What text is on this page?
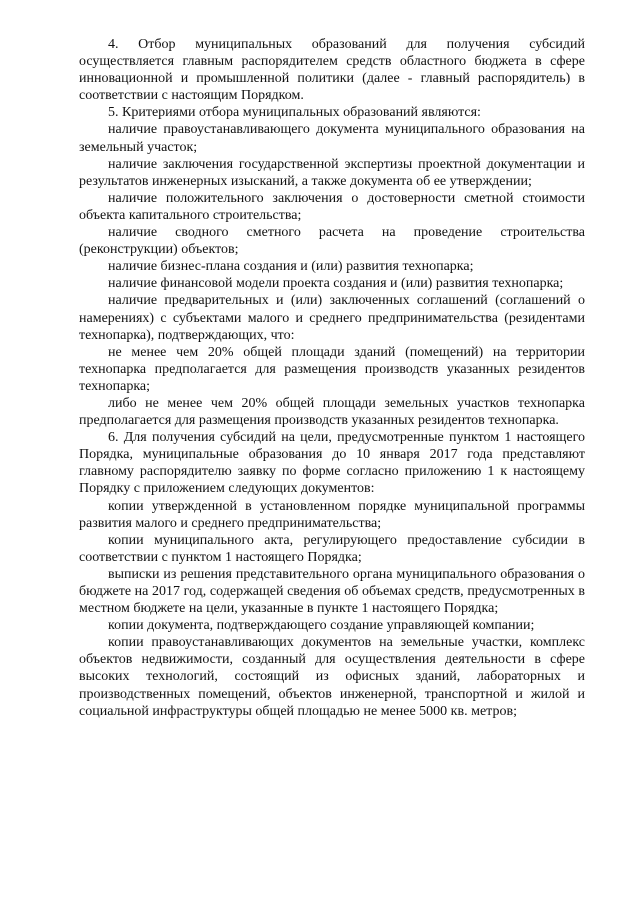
4. Отбор муниципальных образований для получения субсидий осуществляется главным распорядителем средств областного бюджета в сфере инновационной и промышленной политики (далее - главный распорядитель) в соответствии с настоящим Порядком.

5. Критериями отбора муниципальных образований являются:

наличие правоустанавливающего документа муниципального образования на земельный участок;

наличие заключения государственной экспертизы проектной документации и результатов инженерных изысканий, а также документа об ее утверждении;

наличие положительного заключения о достоверности сметной стоимости объекта капитального строительства;

наличие сводного сметного расчета на проведение строительства (реконструкции) объектов;

наличие бизнес-плана создания и (или) развития технопарка;

наличие финансовой модели проекта создания и (или) развития технопарка;

наличие предварительных и (или) заключенных соглашений (соглашений о намерениях) с субъектами малого и среднего предпринимательства (резидентами технопарка), подтверждающих, что:

не менее чем 20% общей площади зданий (помещений) на территории технопарка предполагается для размещения производств указанных резидентов технопарка;

либо не менее чем 20% общей площади земельных участков технопарка предполагается для размещения производств указанных резидентов технопарка.

6. Для получения субсидий на цели, предусмотренные пунктом 1 настоящего Порядка, муниципальные образования до 10 января 2017 года представляют главному распорядителю заявку по форме согласно приложению 1 к настоящему Порядку с приложением следующих документов:

копии утвержденной в установленном порядке муниципальной программы развития малого и среднего предпринимательства;

копии муниципального акта, регулирующего предоставление субсидии в соответствии с пунктом 1 настоящего Порядка;

выписки из решения представительного органа муниципального образования о бюджете на 2017 год, содержащей сведения об объемах средств, предусмотренных в местном бюджете на цели, указанные в пункте 1 настоящего Порядка;

копии документа, подтверждающего создание управляющей компании;

копии правоустанавливающих документов на земельные участки, комплекс объектов недвижимости, созданный для осуществления деятельности в сфере высоких технологий, состоящий из офисных зданий, лабораторных и производственных помещений, объектов инженерной, транспортной и жилой и социальной инфраструктуры общей площадью не менее 5000 кв. метров;
